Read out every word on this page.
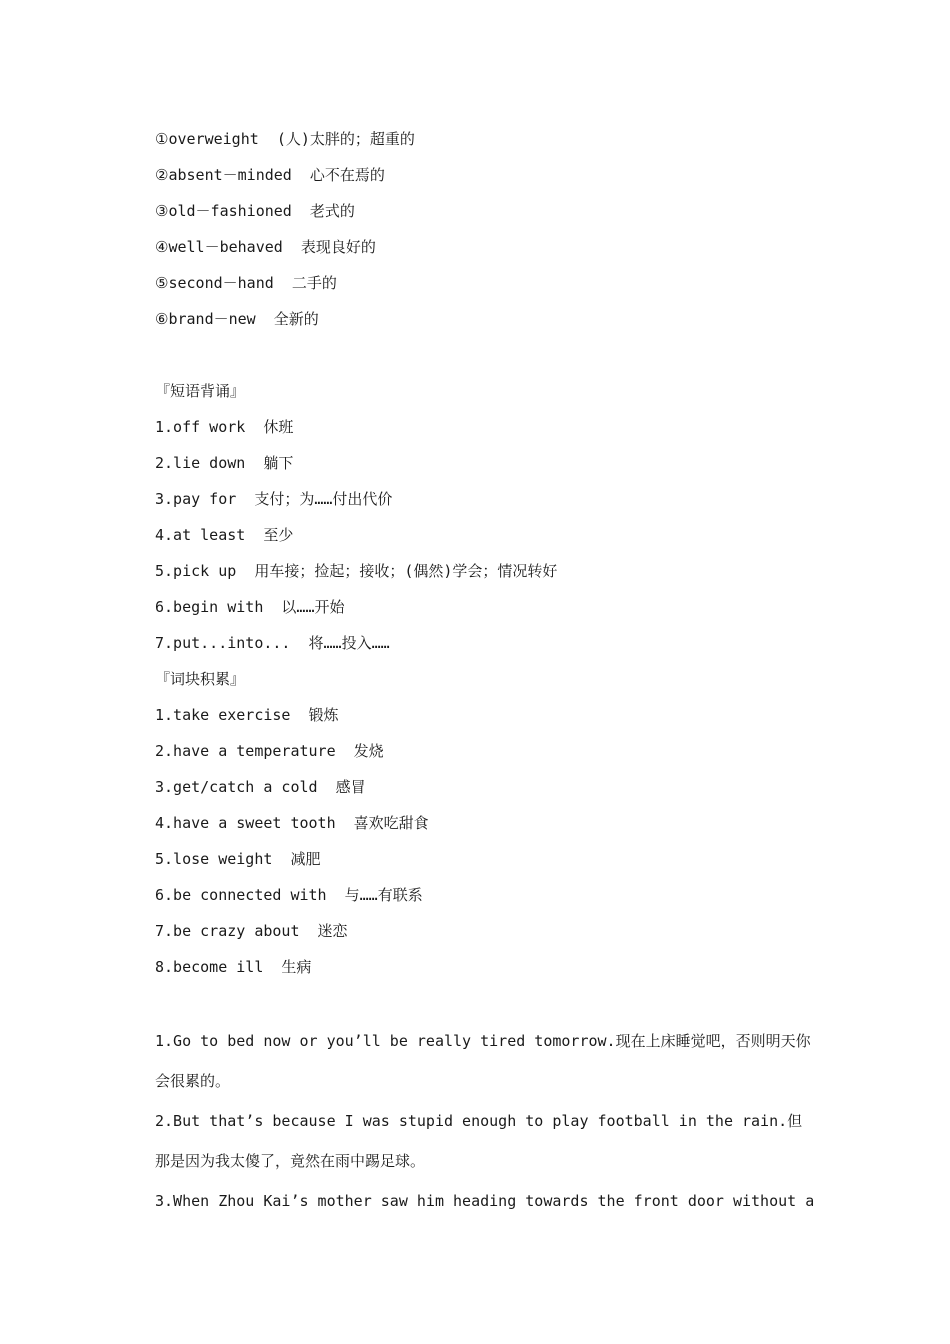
①overweight  (人)太胖的；超重的
②absent－minded  心不在焉的
③old－fashioned  老式的
④well－behaved  表现良好的
⑤second－hand  二手的
⑥brand－new  全新的
『短语背诵』
1.off work  休班
2.lie down  躺下
3.pay for  支付；为……付出代价
4.at least  至少
5.pick up  用车接；捡起；接收；(偶然)学会；情况转好
6.begin with  以……开始
7.put...into...  将……投入……
『词块积累』
1.take exercise  锻炼
2.have a temperature  发烧
3.get/catch a cold  感冒
4.have a sweet tooth  喜欢吃甜食
5.lose weight  减肥
6.be connected with  与……有联系
7.be crazy about  迷恋
8.become ill  生病
1.Go to bed now or you’ll be really tired tomorrow.现在上床睡觉吧，否则明天你会很累的。
2.But that’s because I was stupid enough to play football in the rain.但那是因为我太傻了，竟然在雨中踢足球。
3.When Zhou Kai’s mother saw him heading towards the front door without a
